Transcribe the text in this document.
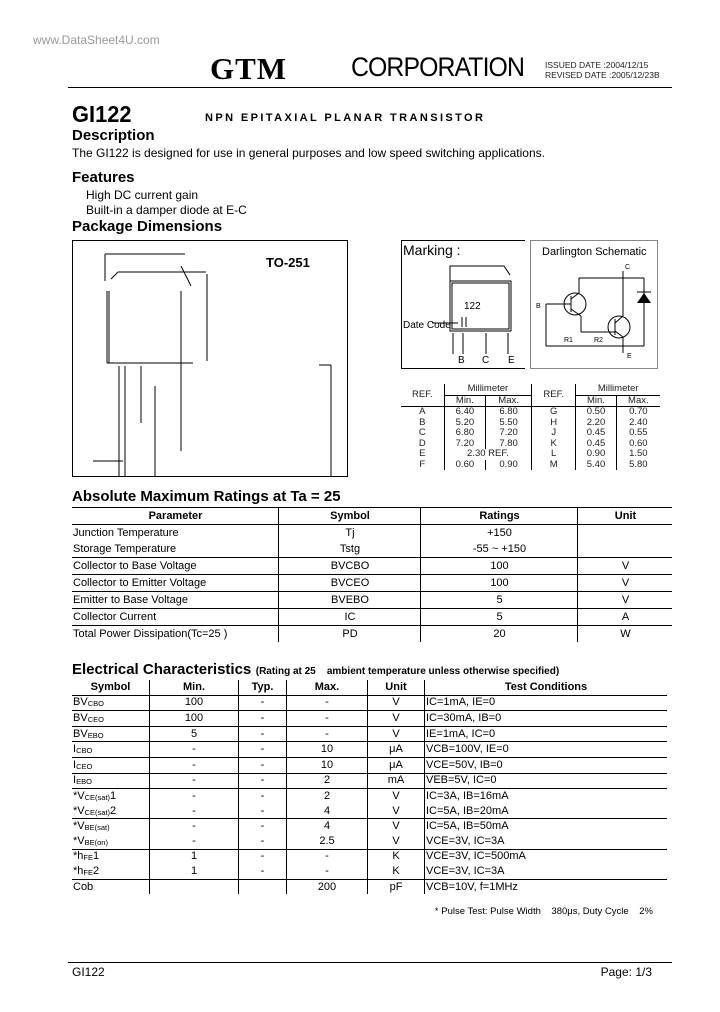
www.DataSheet4U.com
GTM CORPORATION ISSUED DATE :2004/12/15
REVISED DATE :2005/12/23B
GI122	NPN EPITAXIAL PLANAR TRANSISTOR
Description
The GI122 is designed for use in general purposes and low speed switching applications.
Features
High DC current gain
Built-in a damper diode at E-C
Package Dimensions
TO-251
Marking :
122
Date Code
B C E
Darlington Schematic
C
B
E
R1	R2
REF.	Millimeter		REF.	Millimeter	
	Min.	Max.		Min.	Max.
A	6.40	6.80	G	0.50	0.70
B	5.20	5.50	H	2.20	2.40
C	6.80	7.20	J	0.45	0.55
D	7.20	7.80	K	0.45	0.60
E	2.30 REF.		L	0.90	1.50
F	0.60	0.90	M	5.40	5.80
Absolute Maximum Ratings at Ta = 25
Parameter	Symbol	Ratings	Unit
Junction Temperature	Tj	+150	
Storage Temperature	Tstg	-55 ~ +150	
Collector to Base Voltage	BVCBO	100	V
Collector to Emitter Voltage	BVCEO	100	V
Emitter to Base Voltage	BVEBO	5	V
Collector Current	IC	5	A
Total Power Dissipation(Tc=25 )	PD	20	W
Electrical Characteristics (Rating at 25    ambient temperature unless otherwise specified)
Symbol	Min.	Typ.	Max.	Unit	Test Conditions
$BV_{CBO}$	100	-	-	V	IC=1mA, IE=0
$BV_{CEO}$	100	-	-	V	IC=30mA, IB=0
$BV_{EBO}$	5	-	-	V	IE=1mA, IC=0
$I_{CBO}$	-	-	10	μA	VCB=100V, IE=0
$I_{CEO}$	-	-	10	μA	VCE=50V, IB=0
$I_{EBO}$	-	-	2	mA	VEB=5V, IC=0
$*V_{CE(sat)}1$	-	-	2	V	IC=3A, IB=16mA
$*V_{CE(sat)}2$	-	-	4	V	IC=5A, IB=20mA
$*V_{BE(sat)}$	-	-	4	V	IC=5A, IB=50mA
$*V_{BE(on)}$	-	-	2.5	V	VCE=3V, IC=3A
$*h_{FE}1$	1	-	-	K	VCE=3V, IC=500mA
$*h_{FE}2$	1	-	-	K	VCE=3V, IC=3A
Cob			200	pF	VCB=10V, f=1MHz
* Pulse Test: Pulse Width    380μs, Duty Cycle    2%
GI122	Page: 1/3
